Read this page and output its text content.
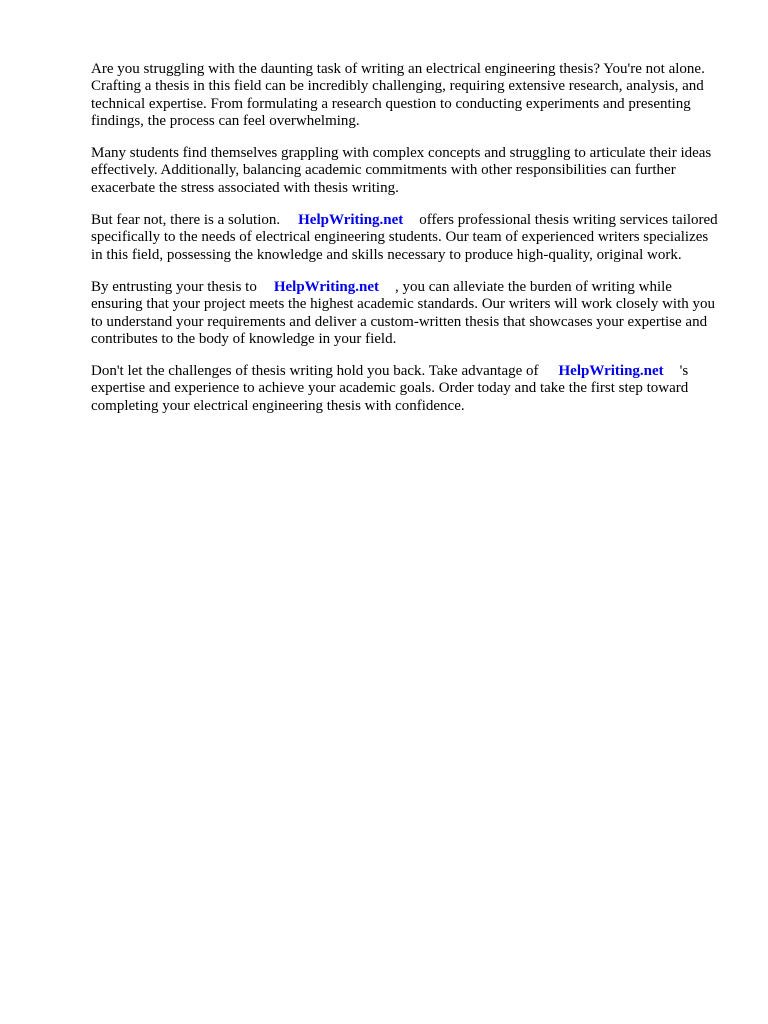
Are you struggling with the daunting task of writing an electrical engineering thesis? You're not alone. Crafting a thesis in this field can be incredibly challenging, requiring extensive research, analysis, and technical expertise. From formulating a research question to conducting experiments and presenting findings, the process can feel overwhelming.

Many students find themselves grappling with complex concepts and struggling to articulate their ideas effectively. Additionally, balancing academic commitments with other responsibilities can further exacerbate the stress associated with thesis writing.

But fear not, there is a solution. HelpWriting.net offers professional thesis writing services tailored specifically to the needs of electrical engineering students. Our team of experienced writers specializes in this field, possessing the knowledge and skills necessary to produce high-quality, original work.

By entrusting your thesis to HelpWriting.net , you can alleviate the burden of writing while ensuring that your project meets the highest academic standards. Our writers will work closely with you to understand your requirements and deliver a custom-written thesis that showcases your expertise and contributes to the body of knowledge in your field.

Don't let the challenges of thesis writing hold you back. Take advantage of HelpWriting.net 's expertise and experience to achieve your academic goals. Order today and take the first step toward completing your electrical engineering thesis with confidence.
